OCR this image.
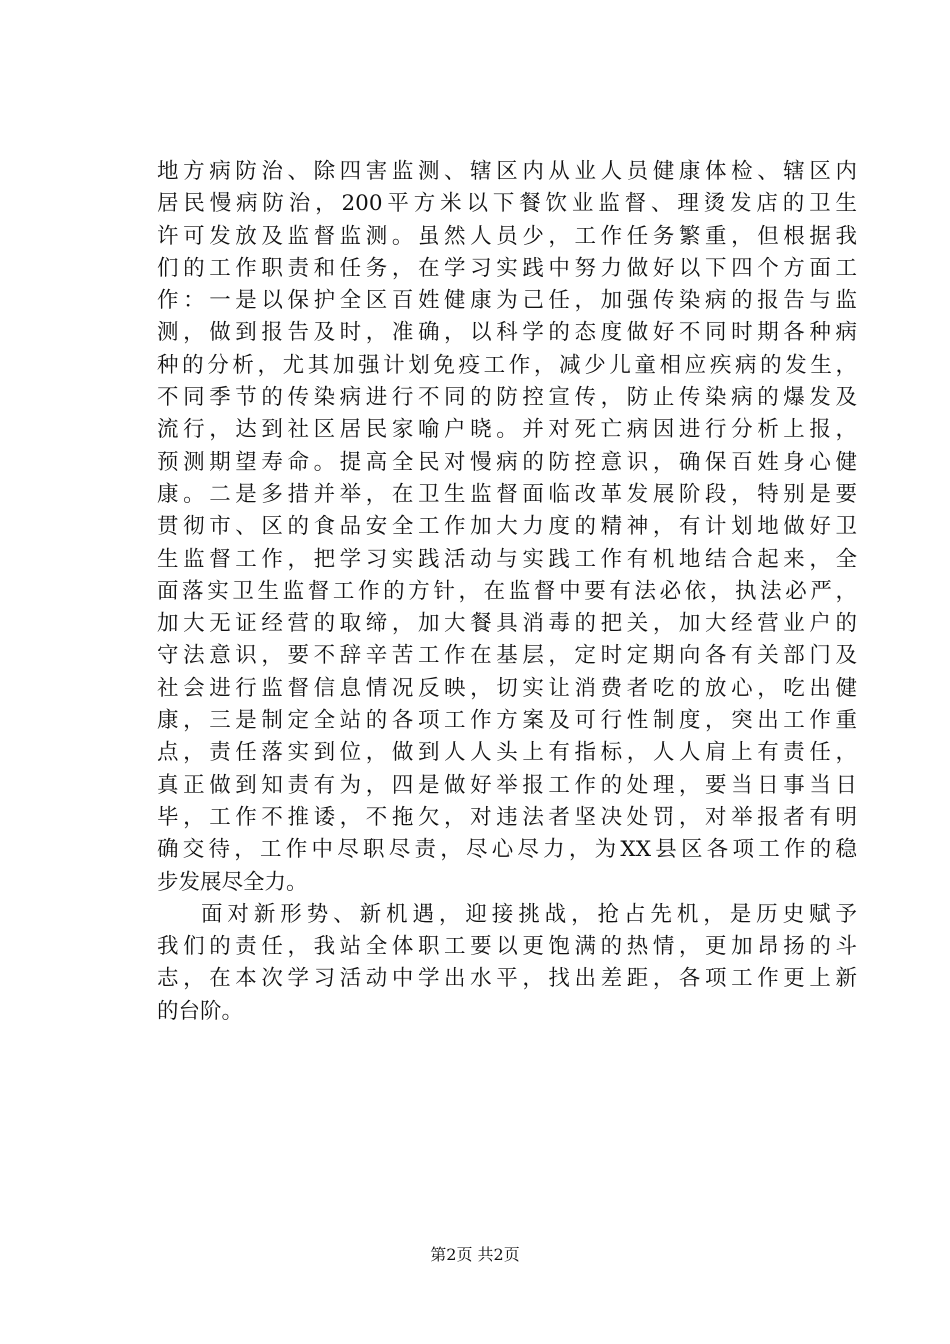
地方病防治、除四害监测、辖区内从业人员健康体检、辖区内
居民慢病防治，200平方米以下餐饮业监督、理烫发店的卫生
许可发放及监督监测。虽然人员少，工作任务繁重，但根据我
们的工作职责和任务，在学习实践中努力做好以下四个方面工
作：一是以保护全区百姓健康为己任，加强传染病的报告与监
测，做到报告及时，准确，以科学的态度做好不同时期各种病
种的分析，尤其加强计划免疫工作，减少儿童相应疾病的发生，
不同季节的传染病进行不同的防控宣传，防止传染病的爆发及
流行，达到社区居民家喻户晓。并对死亡病因进行分析上报，
预测期望寿命。提高全民对慢病的防控意识，确保百姓身心健
康。二是多措并举，在卫生监督面临改革发展阶段，特别是要
贯彻市、区的食品安全工作加大力度的精神，有计划地做好卫
生监督工作，把学习实践活动与实践工作有机地结合起来，全
面落实卫生监督工作的方针，在监督中要有法必依，执法必严，
加大无证经营的取缔，加大餐具消毒的把关，加大经营业户的
守法意识，要不辞辛苦工作在基层，定时定期向各有关部门及
社会进行监督信息情况反映，切实让消费者吃的放心，吃出健
康，三是制定全站的各项工作方案及可行性制度，突出工作重
点，责任落实到位，做到人人头上有指标，人人肩上有责任，
真正做到知责有为，四是做好举报工作的处理，要当日事当日
毕，工作不推诿，不拖欠，对违法者坚决处罚，对举报者有明
确交待，工作中尽职尽责，尽心尽力，为XX县区各项工作的稳
步发展尽全力。
面对新形势、新机遇，迎接挑战，抢占先机，是历史赋予
我们的责任，我站全体职工要以更饱满的热情，更加昂扬的斗
志，在本次学习活动中学出水平，找出差距，各项工作更上新
的台阶。
第2页 共2页
